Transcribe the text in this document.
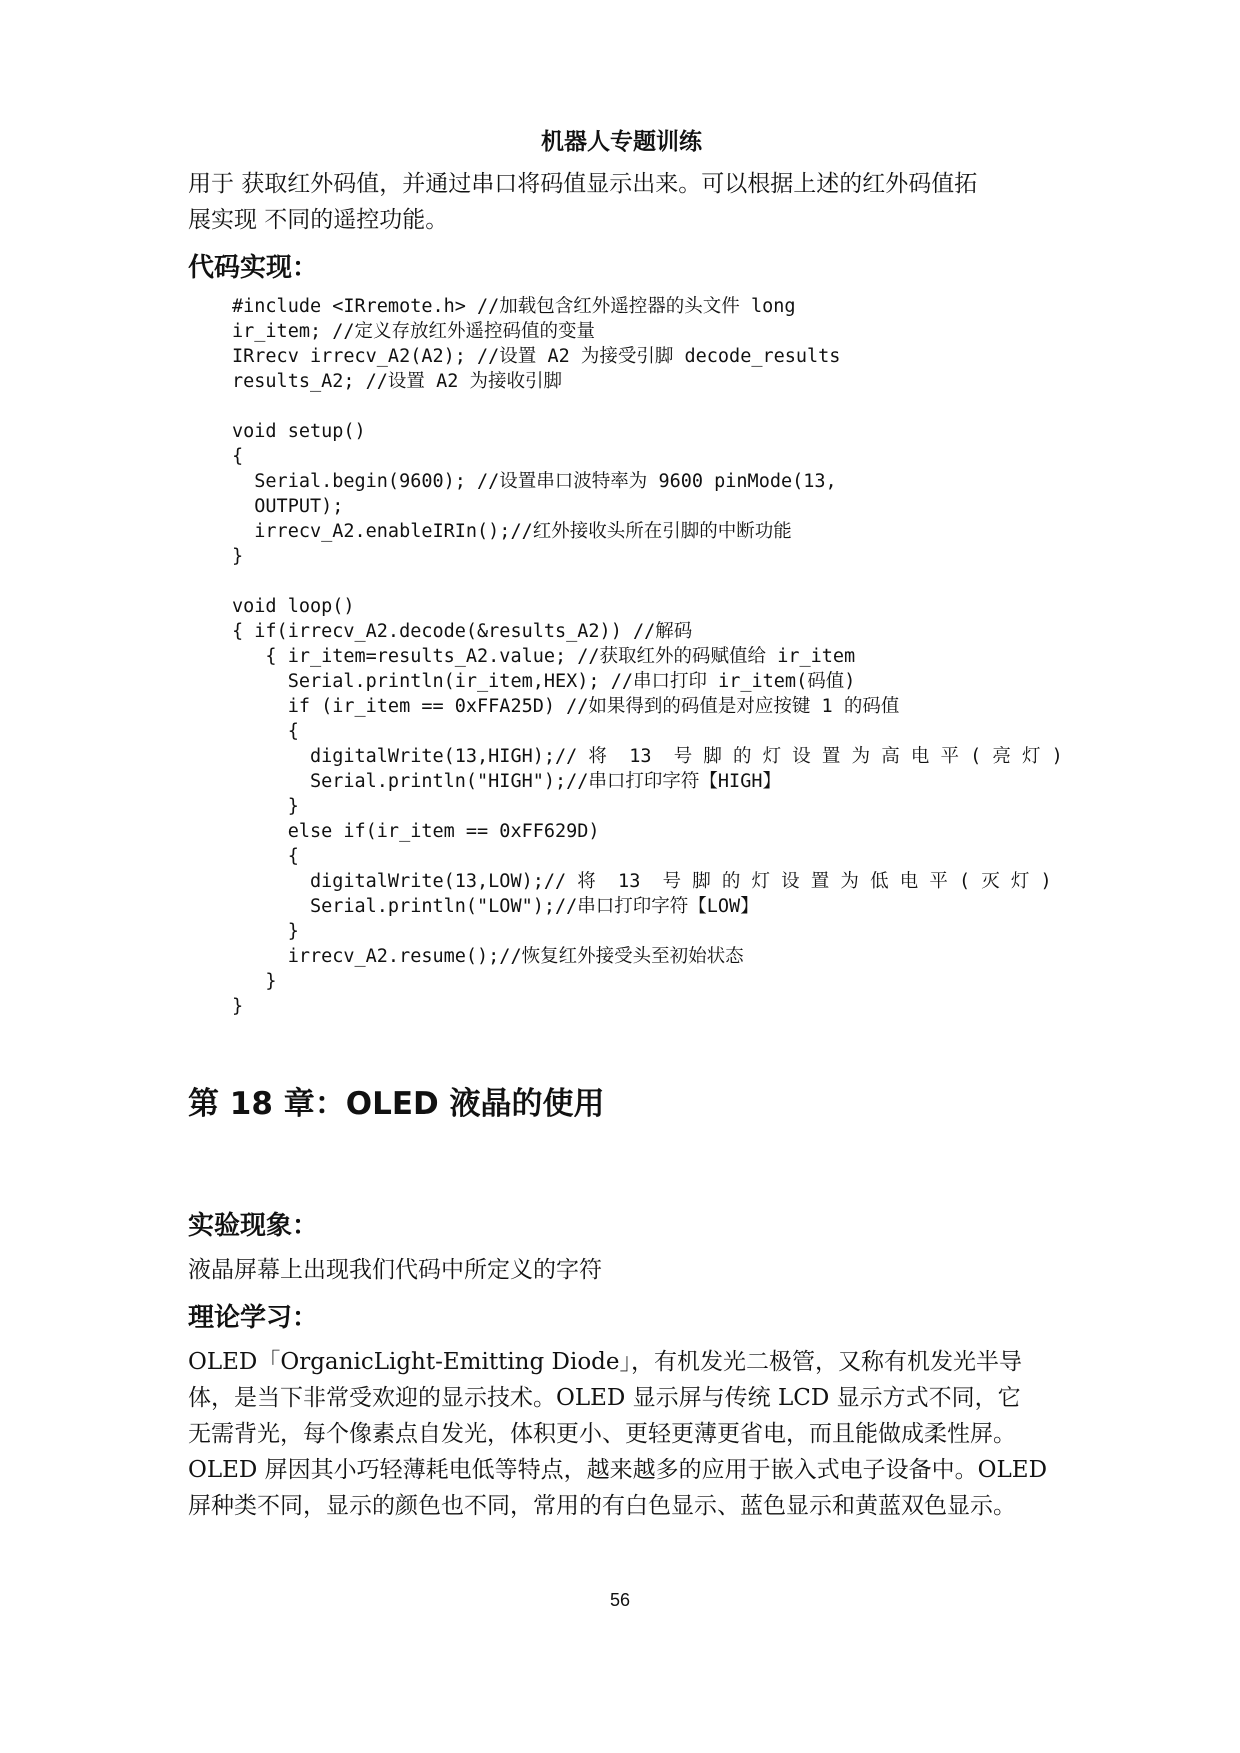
机器人专题训练

用于 获取红外码值，并通过串口将码值显示出来。可以根据上述的红外码值拓

展实现 不同的遥控功能。

代码实现：
#include <IRremote.h> //加载包含红外遥控器的头文件 long
ir_item; //定义存放红外遥控码值的变量
IRrecv irrecv_A2(A2); //设置 A2 为接受引脚 decode_results
results_A2; //设置 A2 为接收引脚
void setup()
{
Serial.begin(9600); //设置串口波特率为 9600 pinMode(13,
OUTPUT);
irrecv_A2.enableIRIn();//红外接收头所在引脚的中断功能
}
void loop()
{ if(irrecv_A2.decode(&results_A2)) //解码
{ ir_item=results_A2.value; //获取红外的码赋值给 ir_item
Serial.println(ir_item,HEX); //串口打印 ir_item(码值)
if (ir_item == 0xFFA25D) //如果得到的码值是对应按键 1 的码值
{
digitalWrite(13,HIGH);// 将  13  号 脚 的 灯 设 置 为 高 电 平 ( 亮 灯 )
Serial.println("HIGH");//串口打印字符【HIGH】
}
else if(ir_item == 0xFF629D)
{
digitalWrite(13,LOW);// 将  13  号 脚 的 灯 设 置 为 低 电 平 ( 灭 灯 )
Serial.println("LOW");//串口打印字符【LOW】
}
irrecv_A2.resume();//恢复红外接受头至初始状态
}
}
第 18 章：OLED 液晶的使用
实验现象：

液晶屏幕上出现我们代码中所定义的字符

理论学习：

OLED「OrganicLight-Emitting Diode」，有机发光二极管，又称有机发光半导

体，是当下非常受欢迎的显示技术。OLED 显示屏与传统 LCD 显示方式不同，它

无需背光，每个像素点自发光，体积更小、更轻更薄更省电，而且能做成柔性屏。

OLED 屏因其小巧轻薄耗电低等特点，越来越多的应用于嵌入式电子设备中。OLED

屏种类不同，显示的颜色也不同，常用的有白色显示、蓝色显示和黄蓝双色显示。

56
